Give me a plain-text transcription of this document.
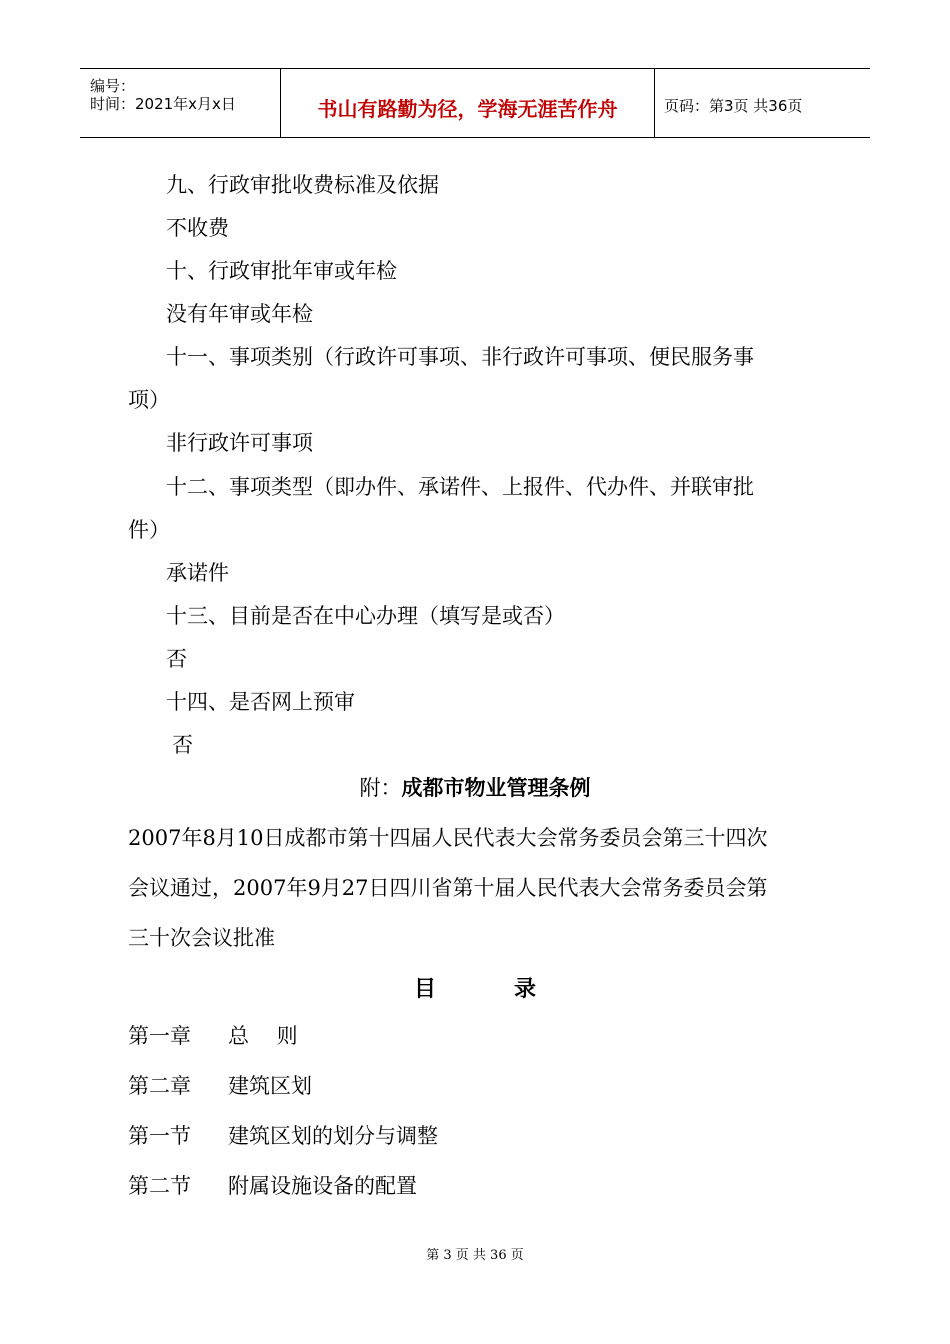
编号：
时间：2021年x月x日	书山有路勤为径，学海无涯苦作舟	页码：第3页 共36页
九、行政审批收费标准及依据
不收费
十、行政审批年审或年检
没有年审或年检
十一、事项类别（行政许可事项、非行政许可事项、便民服务事
项）
非行政许可事项
十二、事项类型（即办件、承诺件、上报件、代办件、并联审批
件）
承诺件
十三、目前是否在中心办理（填写是或否）
否
十四、是否网上预审
否
附：成都市物业管理条例
2007年8月10日成都市第十四届人民代表大会常务委员会第三十四次
会议通过，2007年9月27日四川省第十届人民代表大会常务委员会第
三十次会议批准
目	录
第一章 总　 则
第二章 建筑区划
第一节 建筑区划的划分与调整
第二节 附属设施设备的配置
第 3 页 共 36 页
